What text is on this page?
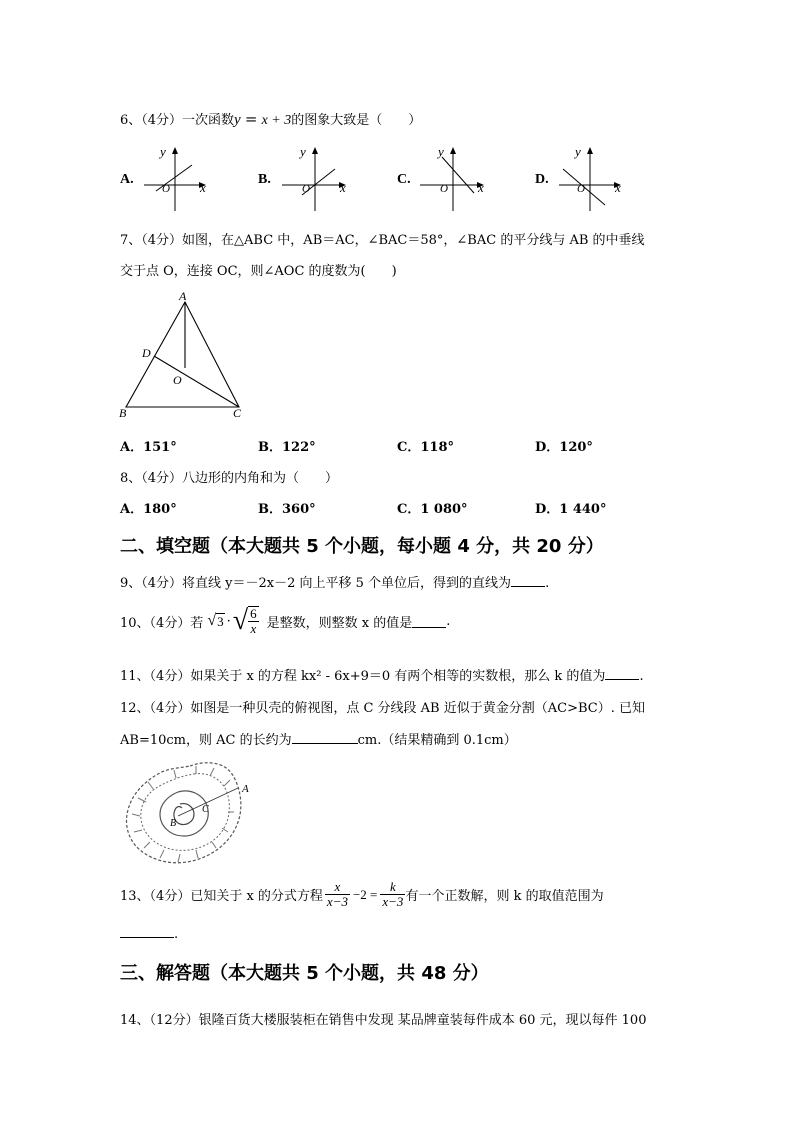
6、（4分）一次函数y = x + 3的图象大致是（　　）
A.
y
x
O
B.
y
x
O
C.
y
x
O
D.
y
x
O
7、（4分）如图，在△ABC 中，AB＝AC，∠BAC＝58°，∠BAC 的平分线与 AB 的中垂线
交于点 O，连接 OC，则∠AOC 的度数为(　　)
A
B	C
D
O
A．151°	B．122°	C．118°	D．120°
8、（4分）八边形的内角和为（　　）
A．180°	B．360°	C．1 080°	D．1 440°
二、填空题（本大题共 5 个小题，每小题 4 分，共 20 分）
9、（4分）将直线 y＝－2x－2 向上平移 5 个单位后，得到的直线为	.
10、（4分）若 √ 3 · √ $\frac{6}{x}$ 是整数，则整数 x 的值是	.
11、（4分）如果关于 x 的方程 kx² - 6x+9＝0 有两个相等的实数根，那么 k 的值为	.
12、（4分）如图是一种贝壳的俯视图，点 C 分线段 AB 近似于黄金分割（AC>BC）. 已知
AB=10cm，则 AC 的长约为	cm.（结果精确到 0.1cm）
A
B
C
13、（4分）已知关于 x 的分式方程 $\frac{x}{x-3} -2 = \frac{k}{x-3}$ 有一个正数解，则 k 的取值范围为
.
三、解答题（本大题共 5 个小题，共 48 分）
14、（12分）银隆百货大楼服装柜在销售中发现 某品牌童装每件成本 60 元，现以每件 100
